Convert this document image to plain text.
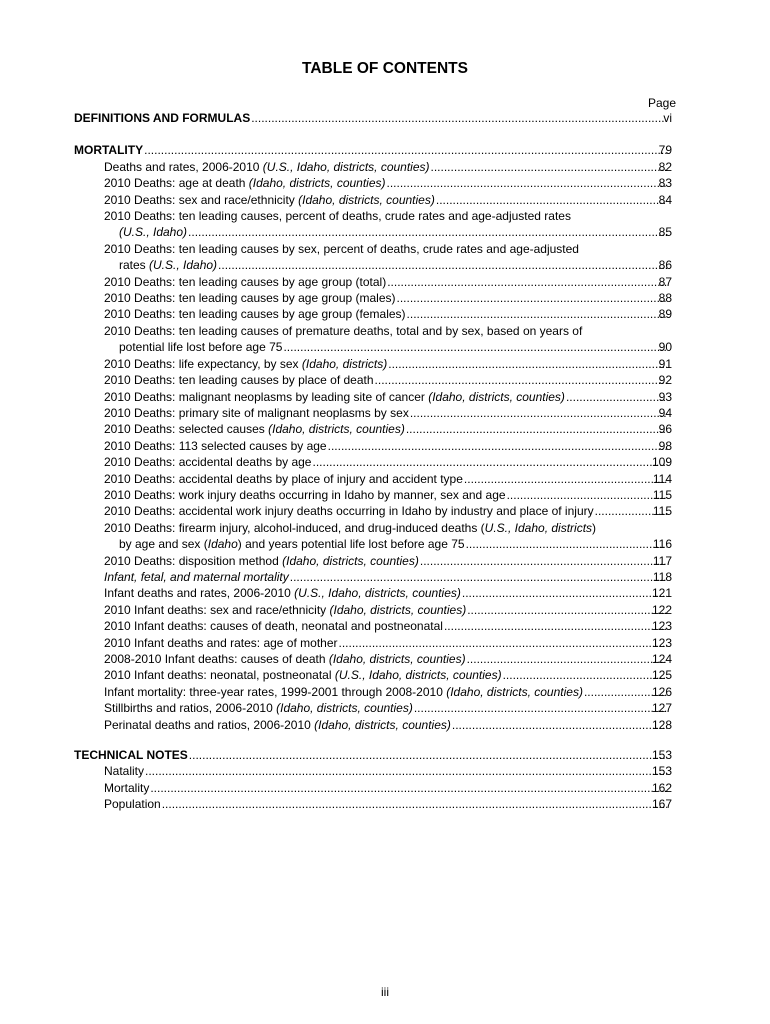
TABLE OF CONTENTS
Page
DEFINITIONS AND FORMULAS .....	vi
MORTALITY .....	79
Deaths and rates, 2006-2010 (U.S., Idaho, districts, counties) .....	82
2010 Deaths: age at death (Idaho, districts, counties) .....	83
2010 Deaths: sex and race/ethnicity (Idaho, districts, counties) .....	84
2010 Deaths: ten leading causes, percent of deaths, crude rates and age-adjusted rates
(U.S., Idaho) .....	85
2010 Deaths: ten leading causes by sex, percent of deaths, crude rates and age-adjusted
rates (U.S., Idaho) .....	86
2010 Deaths: ten leading causes by age group (total) .....	87
2010 Deaths: ten leading causes by age group (males) .....	88
2010 Deaths: ten leading causes by age group (females) .....	89
2010 Deaths: ten leading causes of premature deaths, total and by sex, based on years of
potential life lost before age 75 .....	90
2010 Deaths: life expectancy, by sex (Idaho, districts) .....	91
2010 Deaths: ten leading causes by place of death .....	92
2010 Deaths: malignant neoplasms by leading site of cancer (Idaho, districts, counties) .....	93
2010 Deaths: primary site of malignant neoplasms by sex .....	94
2010 Deaths: selected causes (Idaho, districts, counties) .....	96
2010 Deaths: 113 selected causes by age .....	98
2010 Deaths: accidental deaths by age .....	109
2010 Deaths: accidental deaths by place of injury and accident type .....	114
2010 Deaths: work injury deaths occurring in Idaho by manner, sex and age .....	115
2010 Deaths: accidental work injury deaths occurring in Idaho by industry and place of injury .....	115
2010 Deaths: firearm injury, alcohol-induced, and drug-induced deaths (U.S., Idaho, districts)
by age and sex (Idaho) and years potential life lost before age 75 .....	116
2010 Deaths: disposition method (Idaho, districts, counties) .....	117
Infant, fetal, and maternal mortality .....	118
Infant deaths and rates, 2006-2010 (U.S., Idaho, districts, counties) .....	121
2010 Infant deaths: sex and race/ethnicity (Idaho, districts, counties) .....	122
2010 Infant deaths: causes of death, neonatal and postneonatal .....	123
2010 Infant deaths and rates: age of mother .....	123
2008-2010 Infant deaths: causes of death (Idaho, districts, counties) .....	124
2010 Infant deaths: neonatal, postneonatal (U.S., Idaho, districts, counties) .....	125
Infant mortality: three-year rates, 1999-2001 through 2008-2010 (Idaho, districts, counties) .....	126
Stillbirths and ratios, 2006-2010 (Idaho, districts, counties) .....	127
Perinatal deaths and ratios, 2006-2010 (Idaho, districts, counties) .....	128
TECHNICAL NOTES .....	153
Natality .....	153
Mortality .....	162
Population .....	167
iii
